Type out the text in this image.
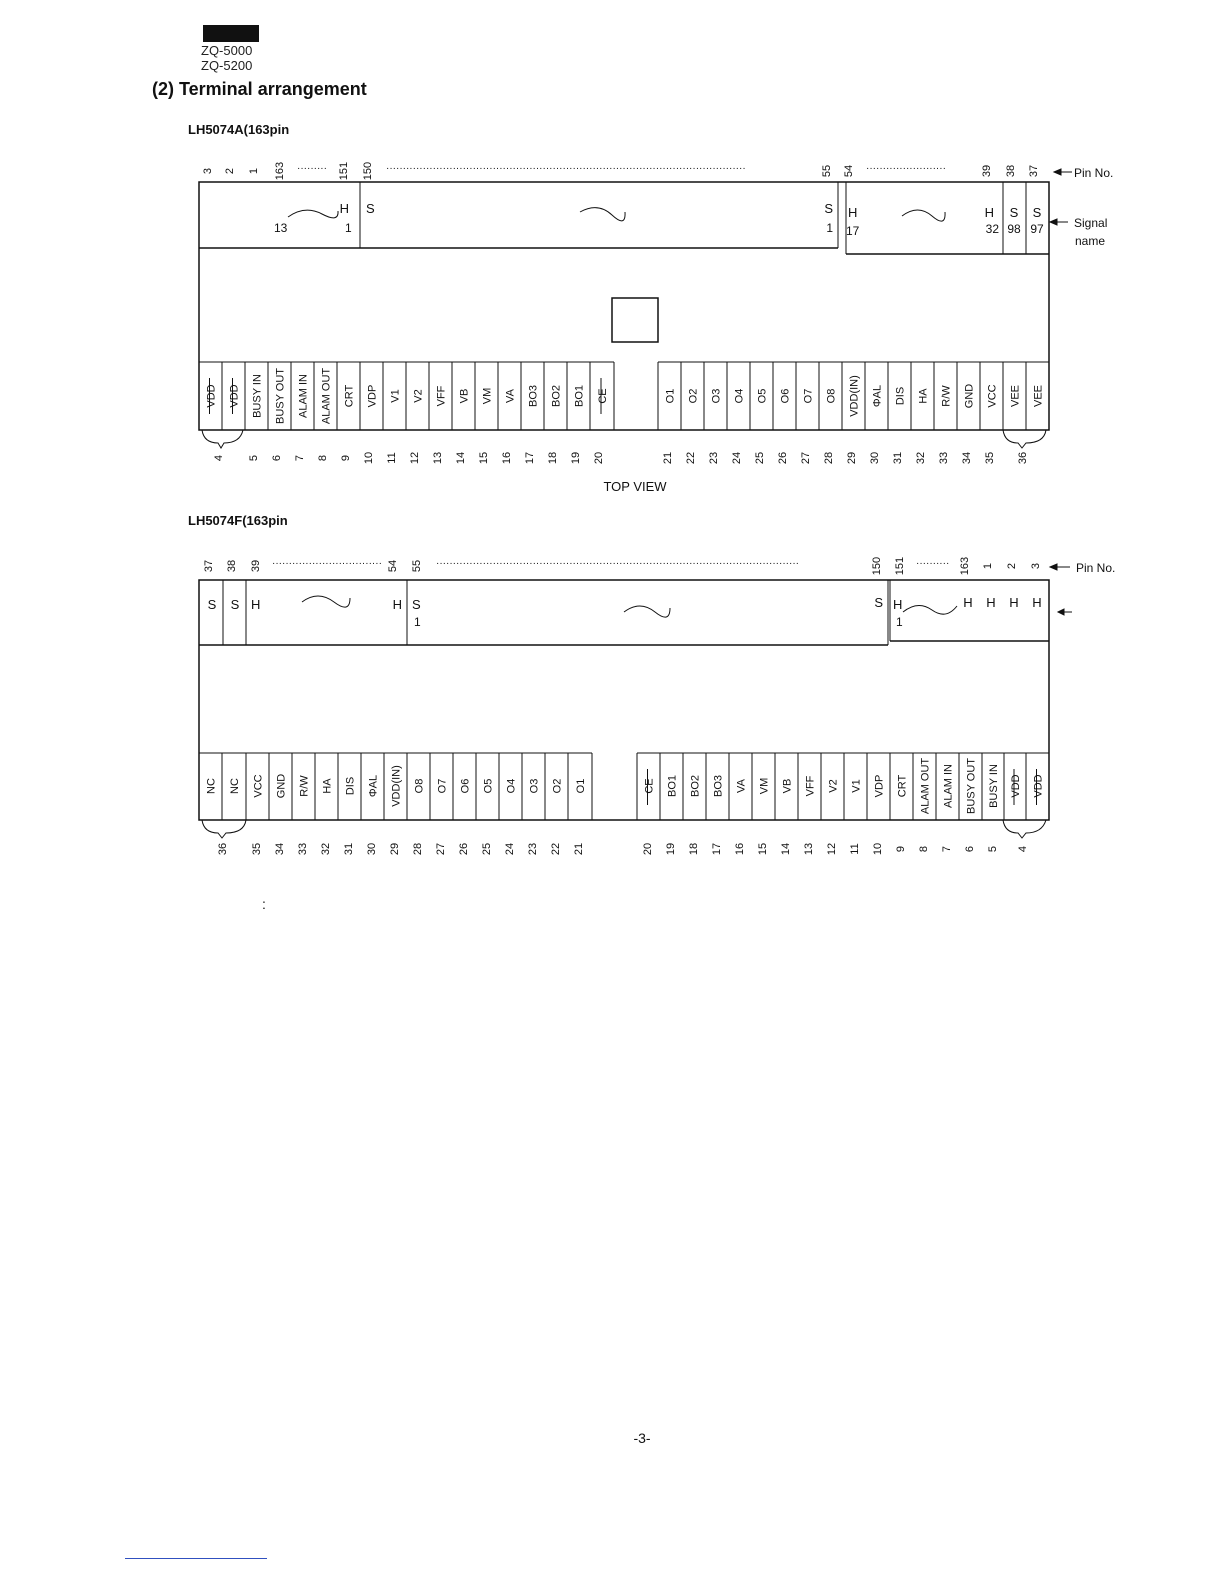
ZQ-5000
ZQ-5200
(2) Terminal arrangement
LH5074A(163pin
·········	············································································································	························	Pin No.
Signal
name
3 2 1 163	151 150	55 54	39 38 37
H
13	1
S	S
1
H
17
H
32
S
98
S
97
VDD VDD BUSY IN BUSY OUT ALAM IN ALAM OUT CRT VDP V1 V2 VFF VB VM VA BO3 BO2 BO1 CE	O1 O2 O3 O4 O5 O6 O7 O8 VDD(IN) ΦAL DIS HA R/W GND VCC VEE VEE
4 5 6 7 8 9 10 11 12 13 14 15 16 17 18 19 20	21 22 23 24 25 26 27 28 29 30 31 32 33 34 35 36
TOP VIEW
LH5074F(163pin
·································	·············································································································	··········	Pin No.
37 38 39	54 55	150 151	163 1 2 3
S S H	H S
1
S H
1
H H H H
NC NC VCC GND R/W HA DIS ΦAL VDD(IN) O8 O7 O6 O5 O4 O3 O2 O1	CE BO1 BO2 BO3 VA VM VB VFF V2 V1 VDP CRT ALAM OUT ALAM IN BUSY OUT BUSY IN VDD VDD
36 35 34 33 32 31 30 29 28 27 26 25 24 23 22 21	20 19 18 17 16 15 14 13 12 11 10 9 8 7 6 5 4
:
-3-
